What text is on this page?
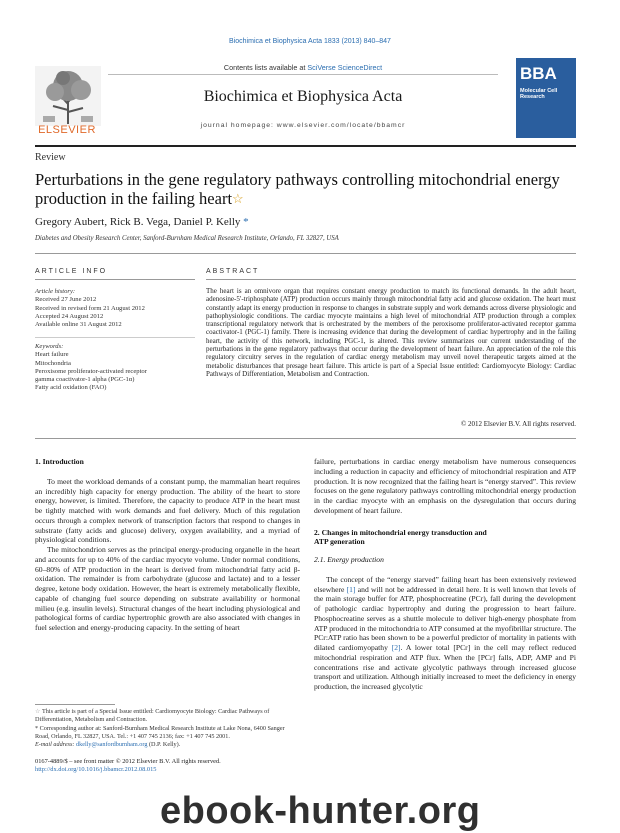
Biochimica et Biophysica Acta 1833 (2013) 840–847
ELSEVIER
Contents lists available at SciVerse ScienceDirect
Biochimica et Biophysica Acta
journal homepage: www.elsevier.com/locate/bbamcr
BBA
Molecular Cell
Research
Review
Perturbations in the gene regulatory pathways controlling mitochondrial energy production in the failing heart☆
Gregory Aubert, Rick B. Vega, Daniel P. Kelly *
Diabetes and Obesity Research Center, Sanford-Burnham Medical Research Institute, Orlando, FL 32827, USA
ARTICLE INFO	ABSTRACT
Article history:
Received 27 June 2012
Received in revised form 21 August 2012
Accepted 24 August 2012
Available online 31 August 2012
Keywords:
Heart failure
Mitochondria
Peroxisome proliferator-activated receptor
gamma coactivator-1 alpha (PGC-1α)
Fatty acid oxidation (FAO)
The heart is an omnivore organ that requires constant energy production to match its functional demands. In the adult heart, adenosine-5′-triphosphate (ATP) production occurs mainly through mitochondrial fatty acid and glucose oxidation. The heart must constantly adapt its energy production in response to changes in substrate supply and work demands across diverse physiologic and pathophysiologic conditions. The cardiac myocyte maintains a high level of mitochondrial ATP production through a complex transcriptional regulatory network that is orchestrated by the members of the peroxisome proliferator-activated receptor gamma coactivator-1 (PGC-1) family. There is increasing evidence that during the development of cardiac hypertrophy and in the failing heart, the activity of this network, including PGC-1, is altered. This review summarizes our current understanding of the perturbations in the gene regulatory pathways that occur during the development of heart failure. An appreciation of the role this regulatory circuitry serves in the regulation of cardiac energy metabolism may unveil novel therapeutic targets aimed at the metabolic disturbances that presage heart failure. This article is part of a Special Issue entitled: Cardiomyocyte Biology: Cardiac Pathways of Differentiation, Metabolism and Contraction.
© 2012 Elsevier B.V. All rights reserved.
1. Introduction

To meet the workload demands of a constant pump, the mammalian heart requires an incredibly high capacity for energy production. The ability of the heart to store energy, however, is limited. Therefore, the capacity to produce ATP in the heart must be tightly matched with work demands and fuel delivery. Much of this regulation occurs through a complex network of transcription factors that respond to changes in substrate (fatty acids and glucose) delivery, oxygen availability, and a myriad of physiological conditions.

The mitochondrion serves as the principal energy-producing organelle in the heart and accounts for up to 40% of the cardiac myocyte volume. Under normal conditions, 60–80% of ATP production in the heart is derived from mitochondrial fatty acid β-oxidation. The remainder is from carbohydrate (glucose and lactate) and to a lesser degree, ketone body oxidation. However, the heart is extremely metabolically flexible, capable of changing fuel source depending on substrate availability or hormonal milieu (e.g. insulin levels). Structural changes of the heart including physiological and pathological forms of cardiac hypertrophic growth are also associated with changes in fuel selection and energy-producing capacity. In the setting of heart

failure, perturbations in cardiac energy metabolism have numerous consequences including a reduction in capacity and efficiency of mitochondrial respiration and ATP production. It is now recognized that the failing heart is “energy starved”. This review focuses on the gene regulatory pathways controlling mitochondrial energy production in the cardiac myocyte with an emphasis on the dysregulation that occurs during development of heart failure.

2. Changes in mitochondrial energy transduction and
ATP generation
2.1. Energy production

The concept of the “energy starved” failing heart has been extensively reviewed elsewhere [1] and will not be addressed in detail here. It is well known that levels of the main storage buffer for ATP, phosphocreatine (PCr), fall during the development of pathologic cardiac hypertrophy and during the progression to heart failure. Phosphocreatine serves as a shuttle molecule to deliver high-energy phosphate from ATP produced in the mitochondria to ATP consumed at the myofibrillar structure. The PCr:ATP ratio has been shown to be a powerful predictor of mortality in patients with dilated cardiomyopathy [2]. A lower total [PCr] in the cell may reflect reduced mitochondrial respiration and ATP flux. When the [PCr] falls, ADP, AMP and Pi concentrations rise and activate glycolytic pathways through increased glucose transport and utilization. Although initially increased to meet the deficiency in energy production, the increased glycolytic

☆ This article is part of a Special Issue entitled: Cardiomyocyte Biology: Cardiac Pathways of Differentiation, Metabolism and Contraction.
* Corresponding author at: Sanford-Burnham Medical Research Institute at Lake Nona, 6400 Sanger Road, Orlando, FL 32827, USA. Tel.: +1 407 745 2136; fax: +1 407 745 2001.
E-mail address: dkelly@sanfordburnham.org (D.P. Kelly).
0167-4889/$ – see front matter © 2012 Elsevier B.V. All rights reserved.
http://dx.doi.org/10.1016/j.bbamcr.2012.08.015
ebook-hunter.org
